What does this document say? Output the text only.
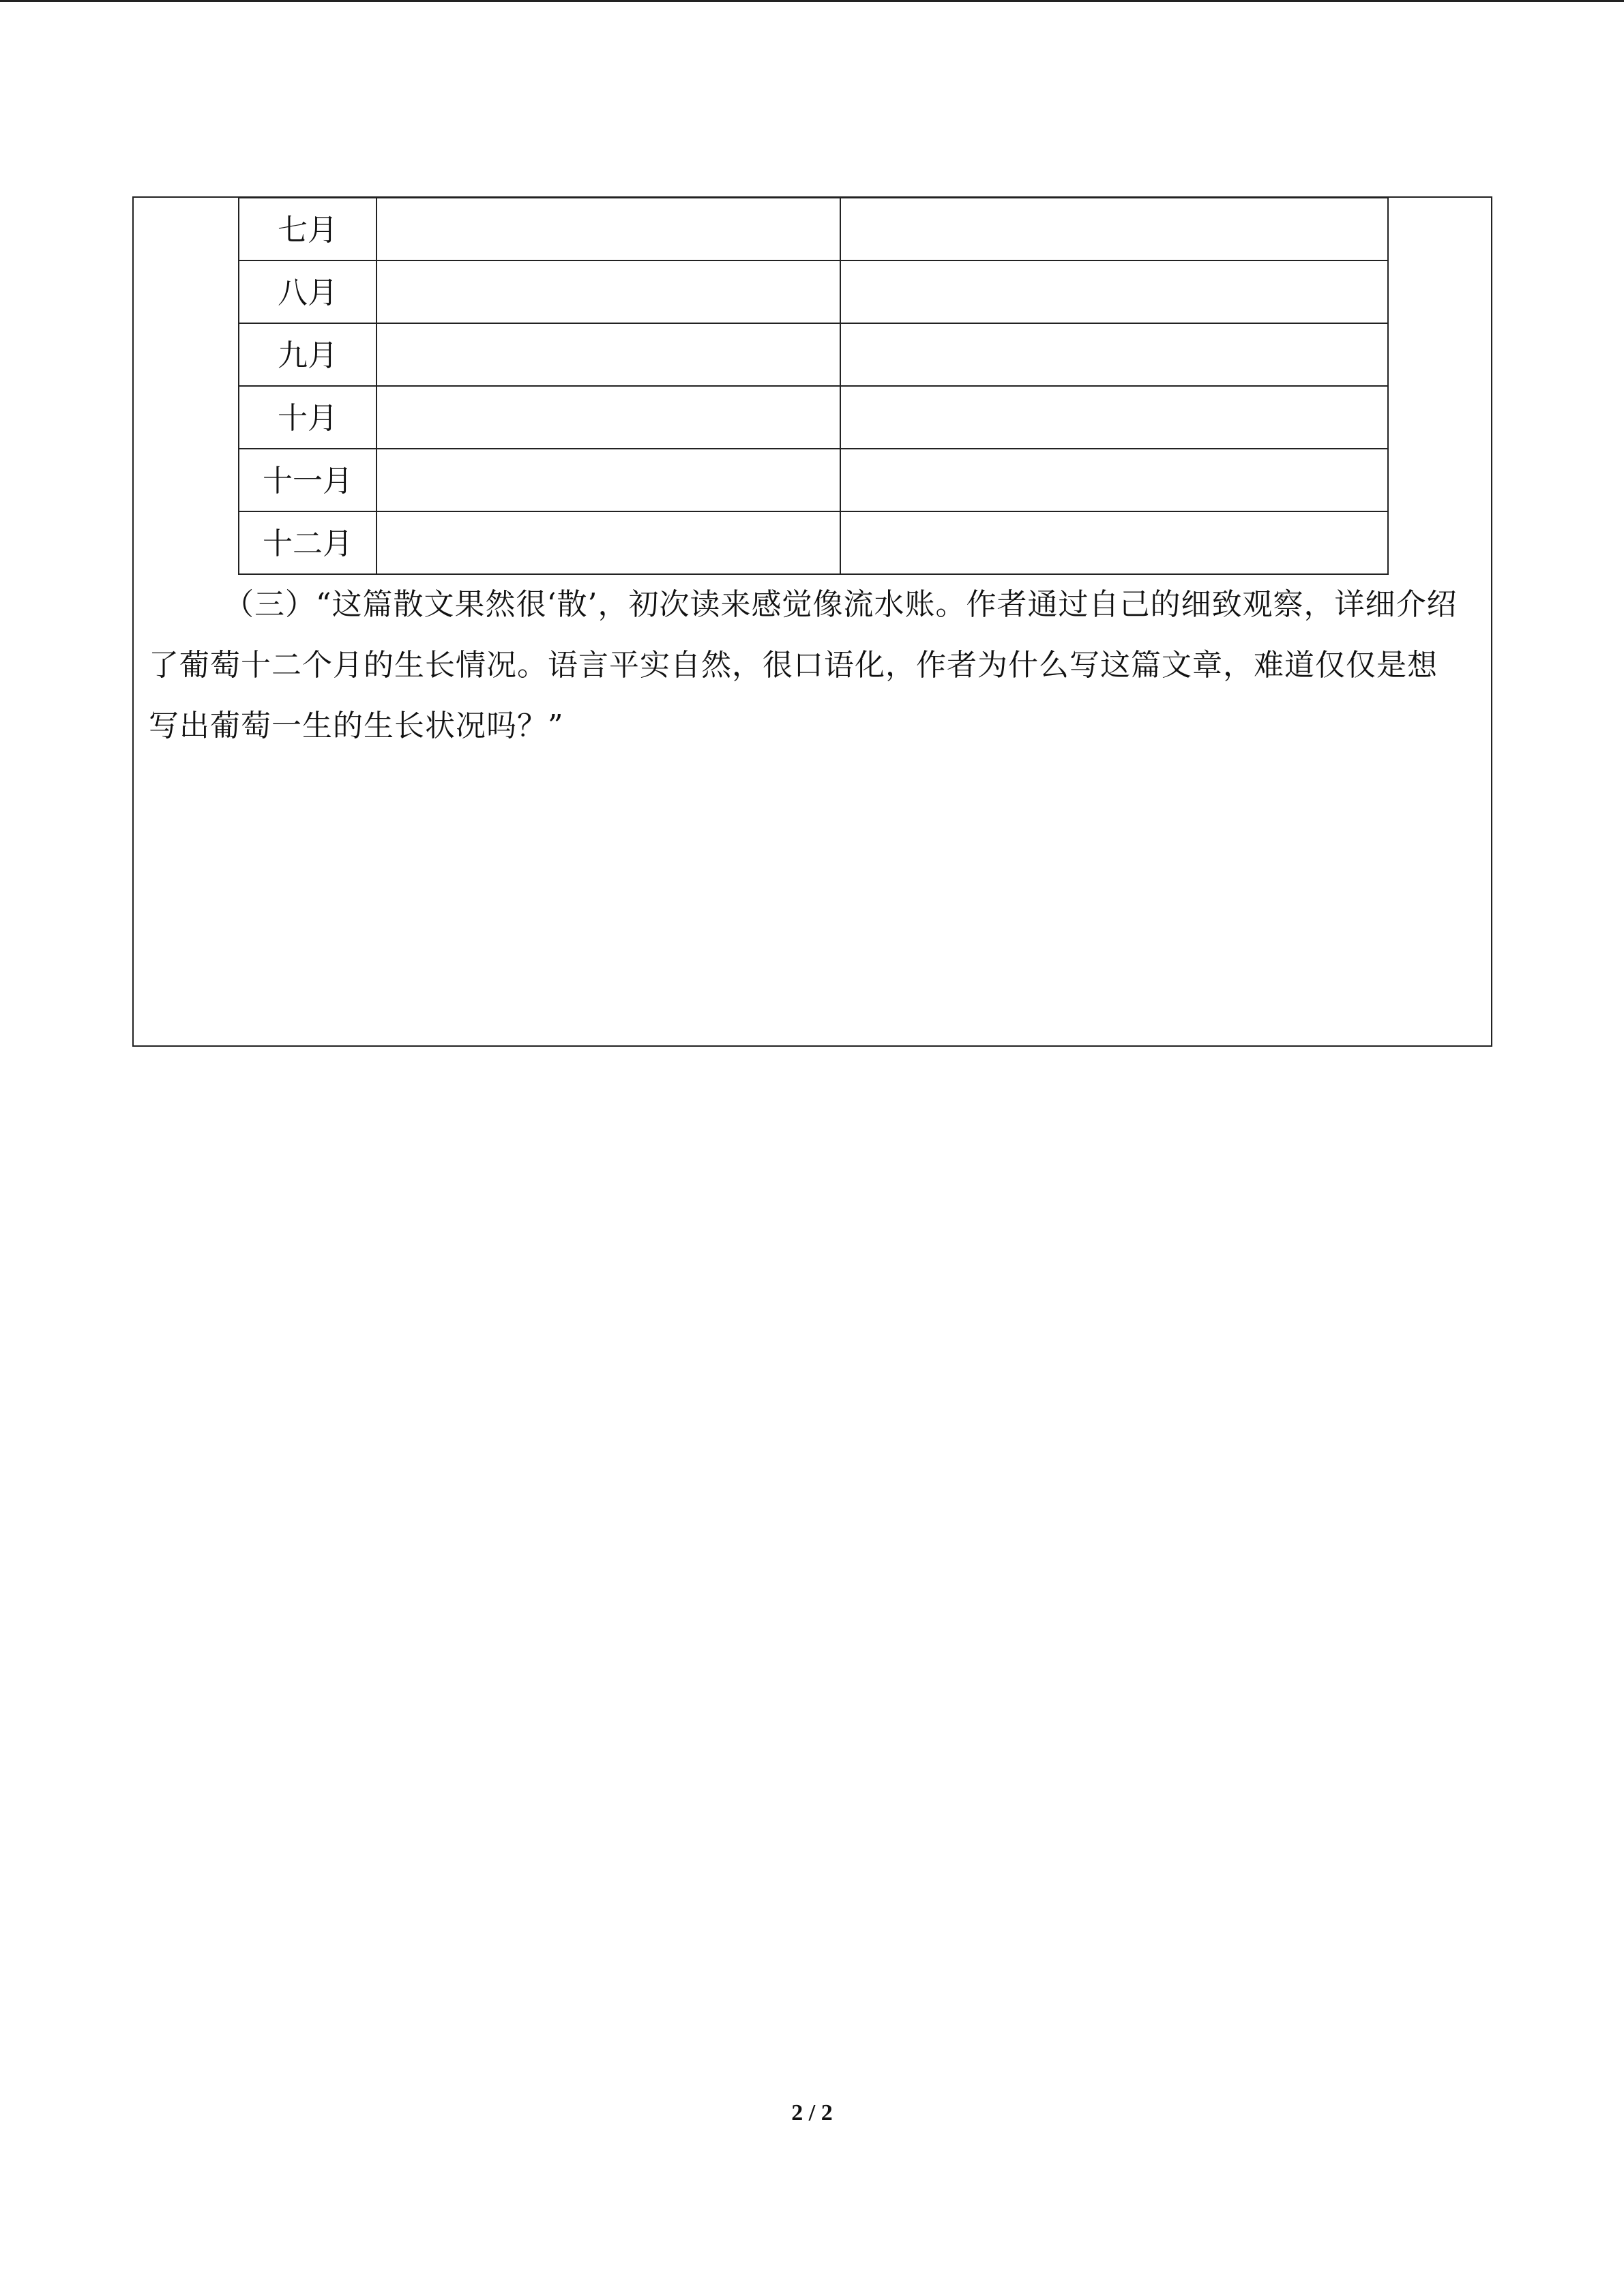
七月		
八月		
九月		
十月		
十一月		
十二月		

（三）“这篇散文果然很‘散’，初次读来感觉像流水账。作者通过自己的细致观察，详细介绍了葡萄十二个月的生长情况。语言平实自然，很口语化，作者为什么写这篇文章，难道仅仅是想写出葡萄一生的生长状况吗？”

2 / 2
